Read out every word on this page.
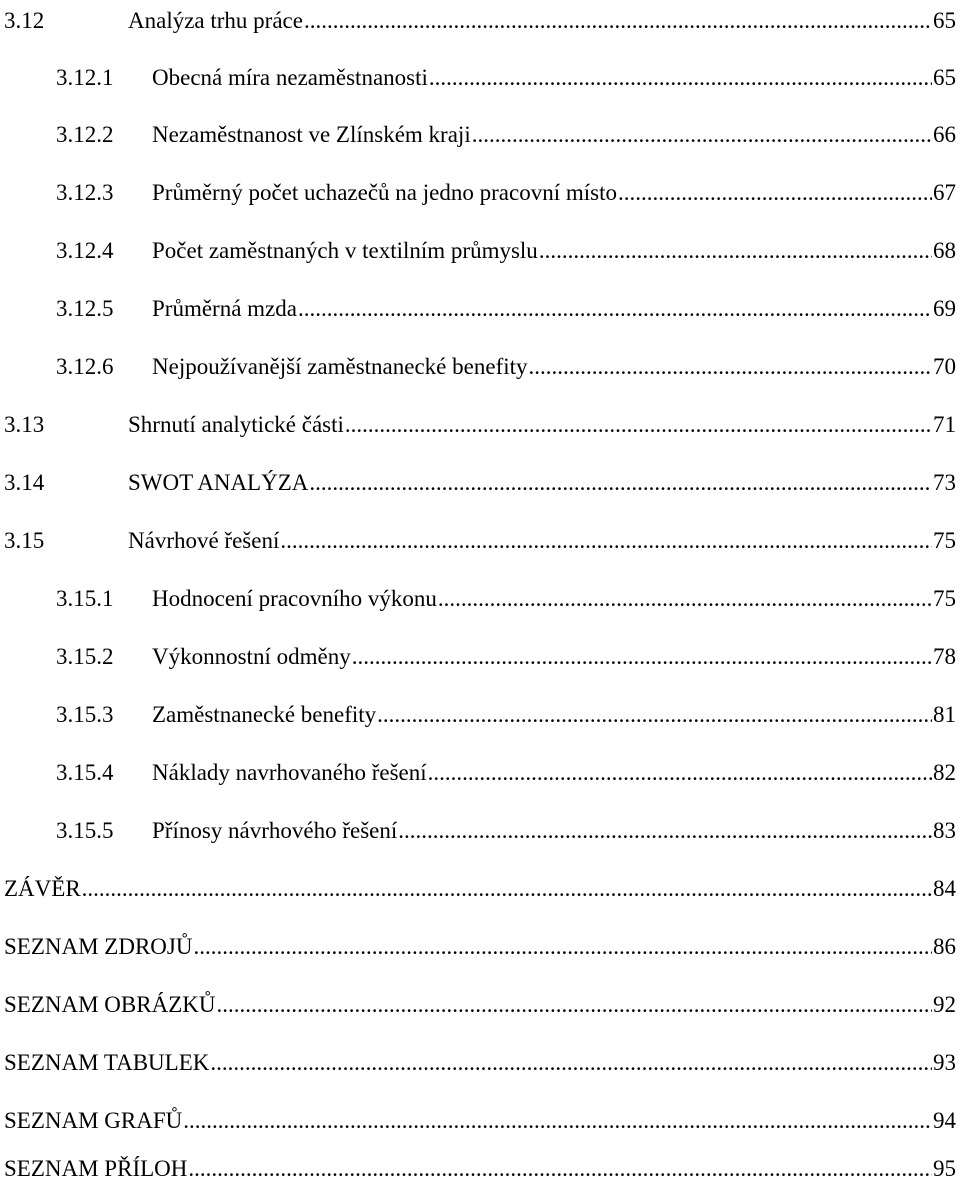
3.12	Analýza trhu práce .....	65
3.12.1	Obecná míra nezaměstnanosti .....	65
3.12.2	Nezaměstnanost ve Zlínském kraji .....	66
3.12.3	Průměrný počet uchazečů na jedno pracovní místo .....	67
3.12.4	Počet zaměstnaných v textilním průmyslu .....	68
3.12.5	Průměrná mzda .....	69
3.12.6	Nejpoužívanější zaměstnanecké benefity .....	70
3.13	Shrnutí analytické části .....	71
3.14	SWOT ANALÝZA .....	73
3.15	Návrhové řešení .....	75
3.15.1	Hodnocení pracovního výkonu .....	75
3.15.2	Výkonnostní odměny .....	78
3.15.3	Zaměstnanecké benefity .....	81
3.15.4	Náklady navrhovaného řešení .....	82
3.15.5	Přínosy návrhového řešení .....	83
ZÁVĚR .....	84
SEZNAM ZDROJŮ .....	86
SEZNAM OBRÁZKŮ .....	92
SEZNAM TABULEK .....	93
SEZNAM GRAFŮ .....	94
SEZNAM PŘÍLOH .....	95
